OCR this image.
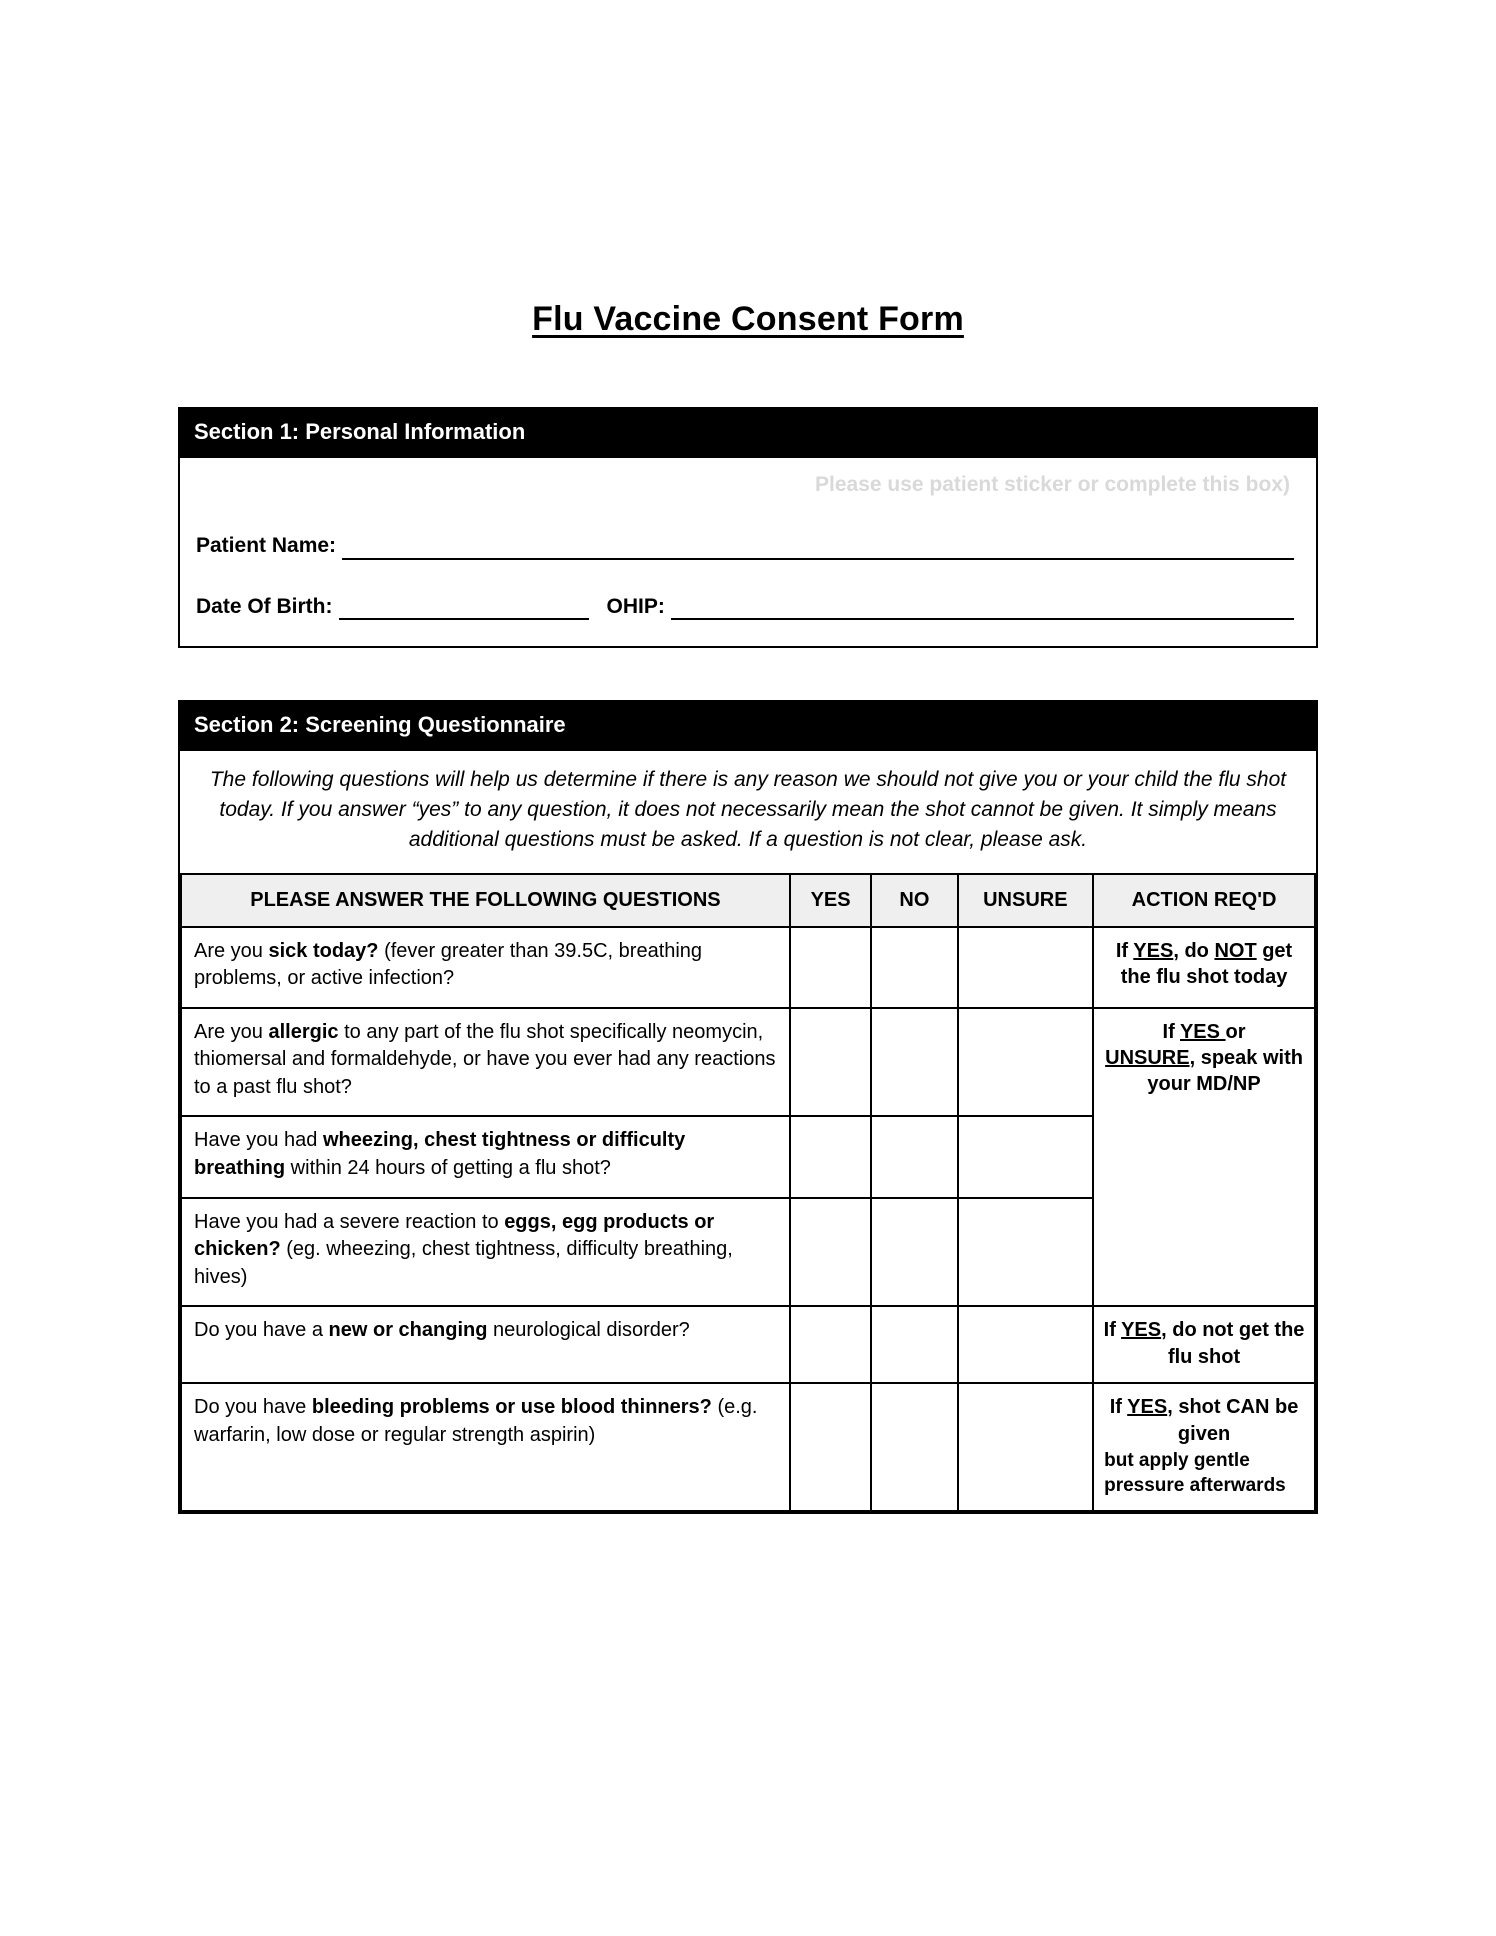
Flu Vaccine Consent Form
Section 1: Personal Information
Please use patient sticker or complete this box)
Patient Name:
Date Of Birth:	OHIP:
Section 2: Screening Questionnaire
The following questions will help us determine if there is any reason we should not give you or your child the flu shot today. If you answer “yes” to any question, it does not necessarily mean the shot cannot be given. It simply means additional questions must be asked. If a question is not clear, please ask.
PLEASE ANSWER THE FOLLOWING QUESTIONS	YES	NO	UNSURE	ACTION REQ'D
Are you sick today? (fever greater than 39.5C, breathing problems, or active infection?				If YES, do NOT get the flu shot today
Are you allergic to any part of the flu shot specifically neomycin, thiomersal and formaldehyde, or have you ever had any reactions to a past flu shot?				If YES or
UNSURE, speak with your MD/NP
Have you had wheezing, chest tightness or difficulty breathing within 24 hours of getting a flu shot?				
Have you had a severe reaction to eggs, egg products or chicken? (eg. wheezing, chest tightness, difficulty breathing, hives)				
Do you have a new or changing neurological disorder?				If YES, do not get the flu shot
Do you have bleeding problems or use blood thinners? (e.g. warfarin, low dose or regular strength aspirin)				If YES, shot CAN be given
but apply gentle pressure afterwards
